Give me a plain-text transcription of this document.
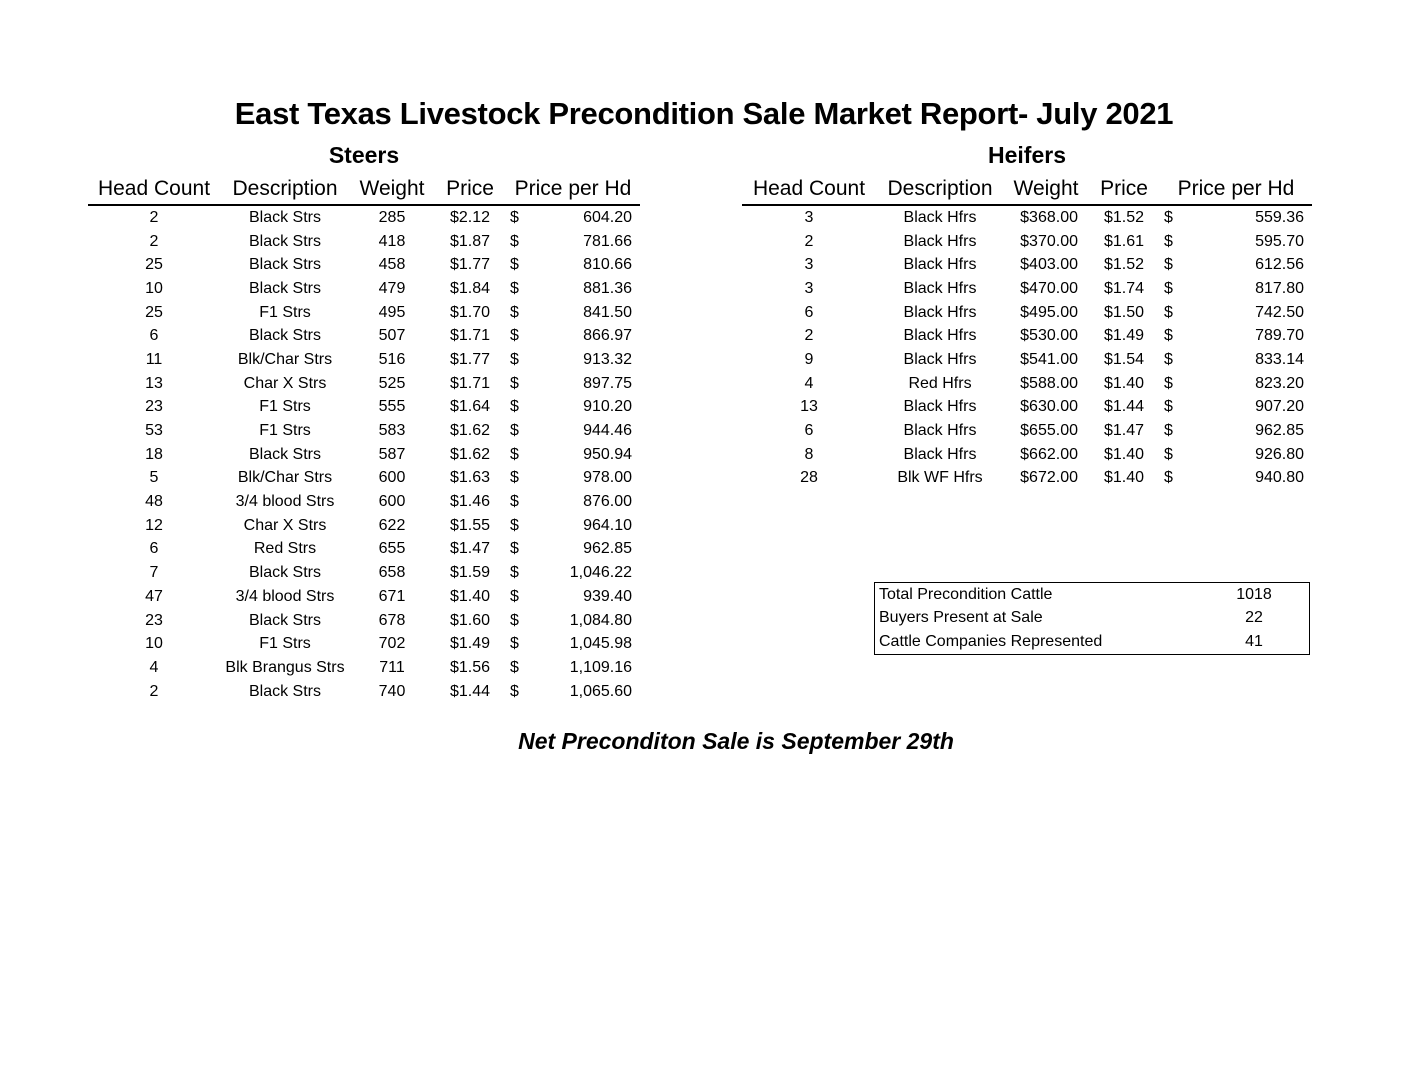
East Texas Livestock Precondition Sale Market Report- July 2021
Steers	Heifers
Head Count	Description	Weight	Price	Price per Hd	
2	Black Strs	285	$2.12	$	604.20
2	Black Strs	418	$1.87	$	781.66
25	Black Strs	458	$1.77	$	810.66
10	Black Strs	479	$1.84	$	881.36
25	F1 Strs	495	$1.70	$	841.50
6	Black Strs	507	$1.71	$	866.97
11	Blk/Char Strs	516	$1.77	$	913.32
13	Char X Strs	525	$1.71	$	897.75
23	F1 Strs	555	$1.64	$	910.20
53	F1 Strs	583	$1.62	$	944.46
18	Black Strs	587	$1.62	$	950.94
5	Blk/Char Strs	600	$1.63	$	978.00
48	3/4 blood Strs	600	$1.46	$	876.00
12	Char X Strs	622	$1.55	$	964.10
6	Red Strs	655	$1.47	$	962.85
7	Black Strs	658	$1.59	$	1,046.22
47	3/4 blood Strs	671	$1.40	$	939.40
23	Black Strs	678	$1.60	$	1,084.80
10	F1 Strs	702	$1.49	$	1,045.98
4	Blk Brangus Strs	711	$1.56	$	1,109.16
2	Black Strs	740	$1.44	$	1,065.60
Head Count	Description	Weight	Price	Price per Hd	
3	Black Hfrs	$368.00	$1.52	$	559.36
2	Black Hfrs	$370.00	$1.61	$	595.70
3	Black Hfrs	$403.00	$1.52	$	612.56
3	Black Hfrs	$470.00	$1.74	$	817.80
6	Black Hfrs	$495.00	$1.50	$	742.50
2	Black Hfrs	$530.00	$1.49	$	789.70
9	Black Hfrs	$541.00	$1.54	$	833.14
4	Red Hfrs	$588.00	$1.40	$	823.20
13	Black Hfrs	$630.00	$1.44	$	907.20
6	Black Hfrs	$655.00	$1.47	$	962.85
8	Black Hfrs	$662.00	$1.40	$	926.80
28	Blk WF Hfrs	$672.00	$1.40	$	940.80
Total Precondition Cattle	1018
Buyers Present at Sale	22
Cattle Companies Represented	41
Net Preconditon Sale is September 29th
